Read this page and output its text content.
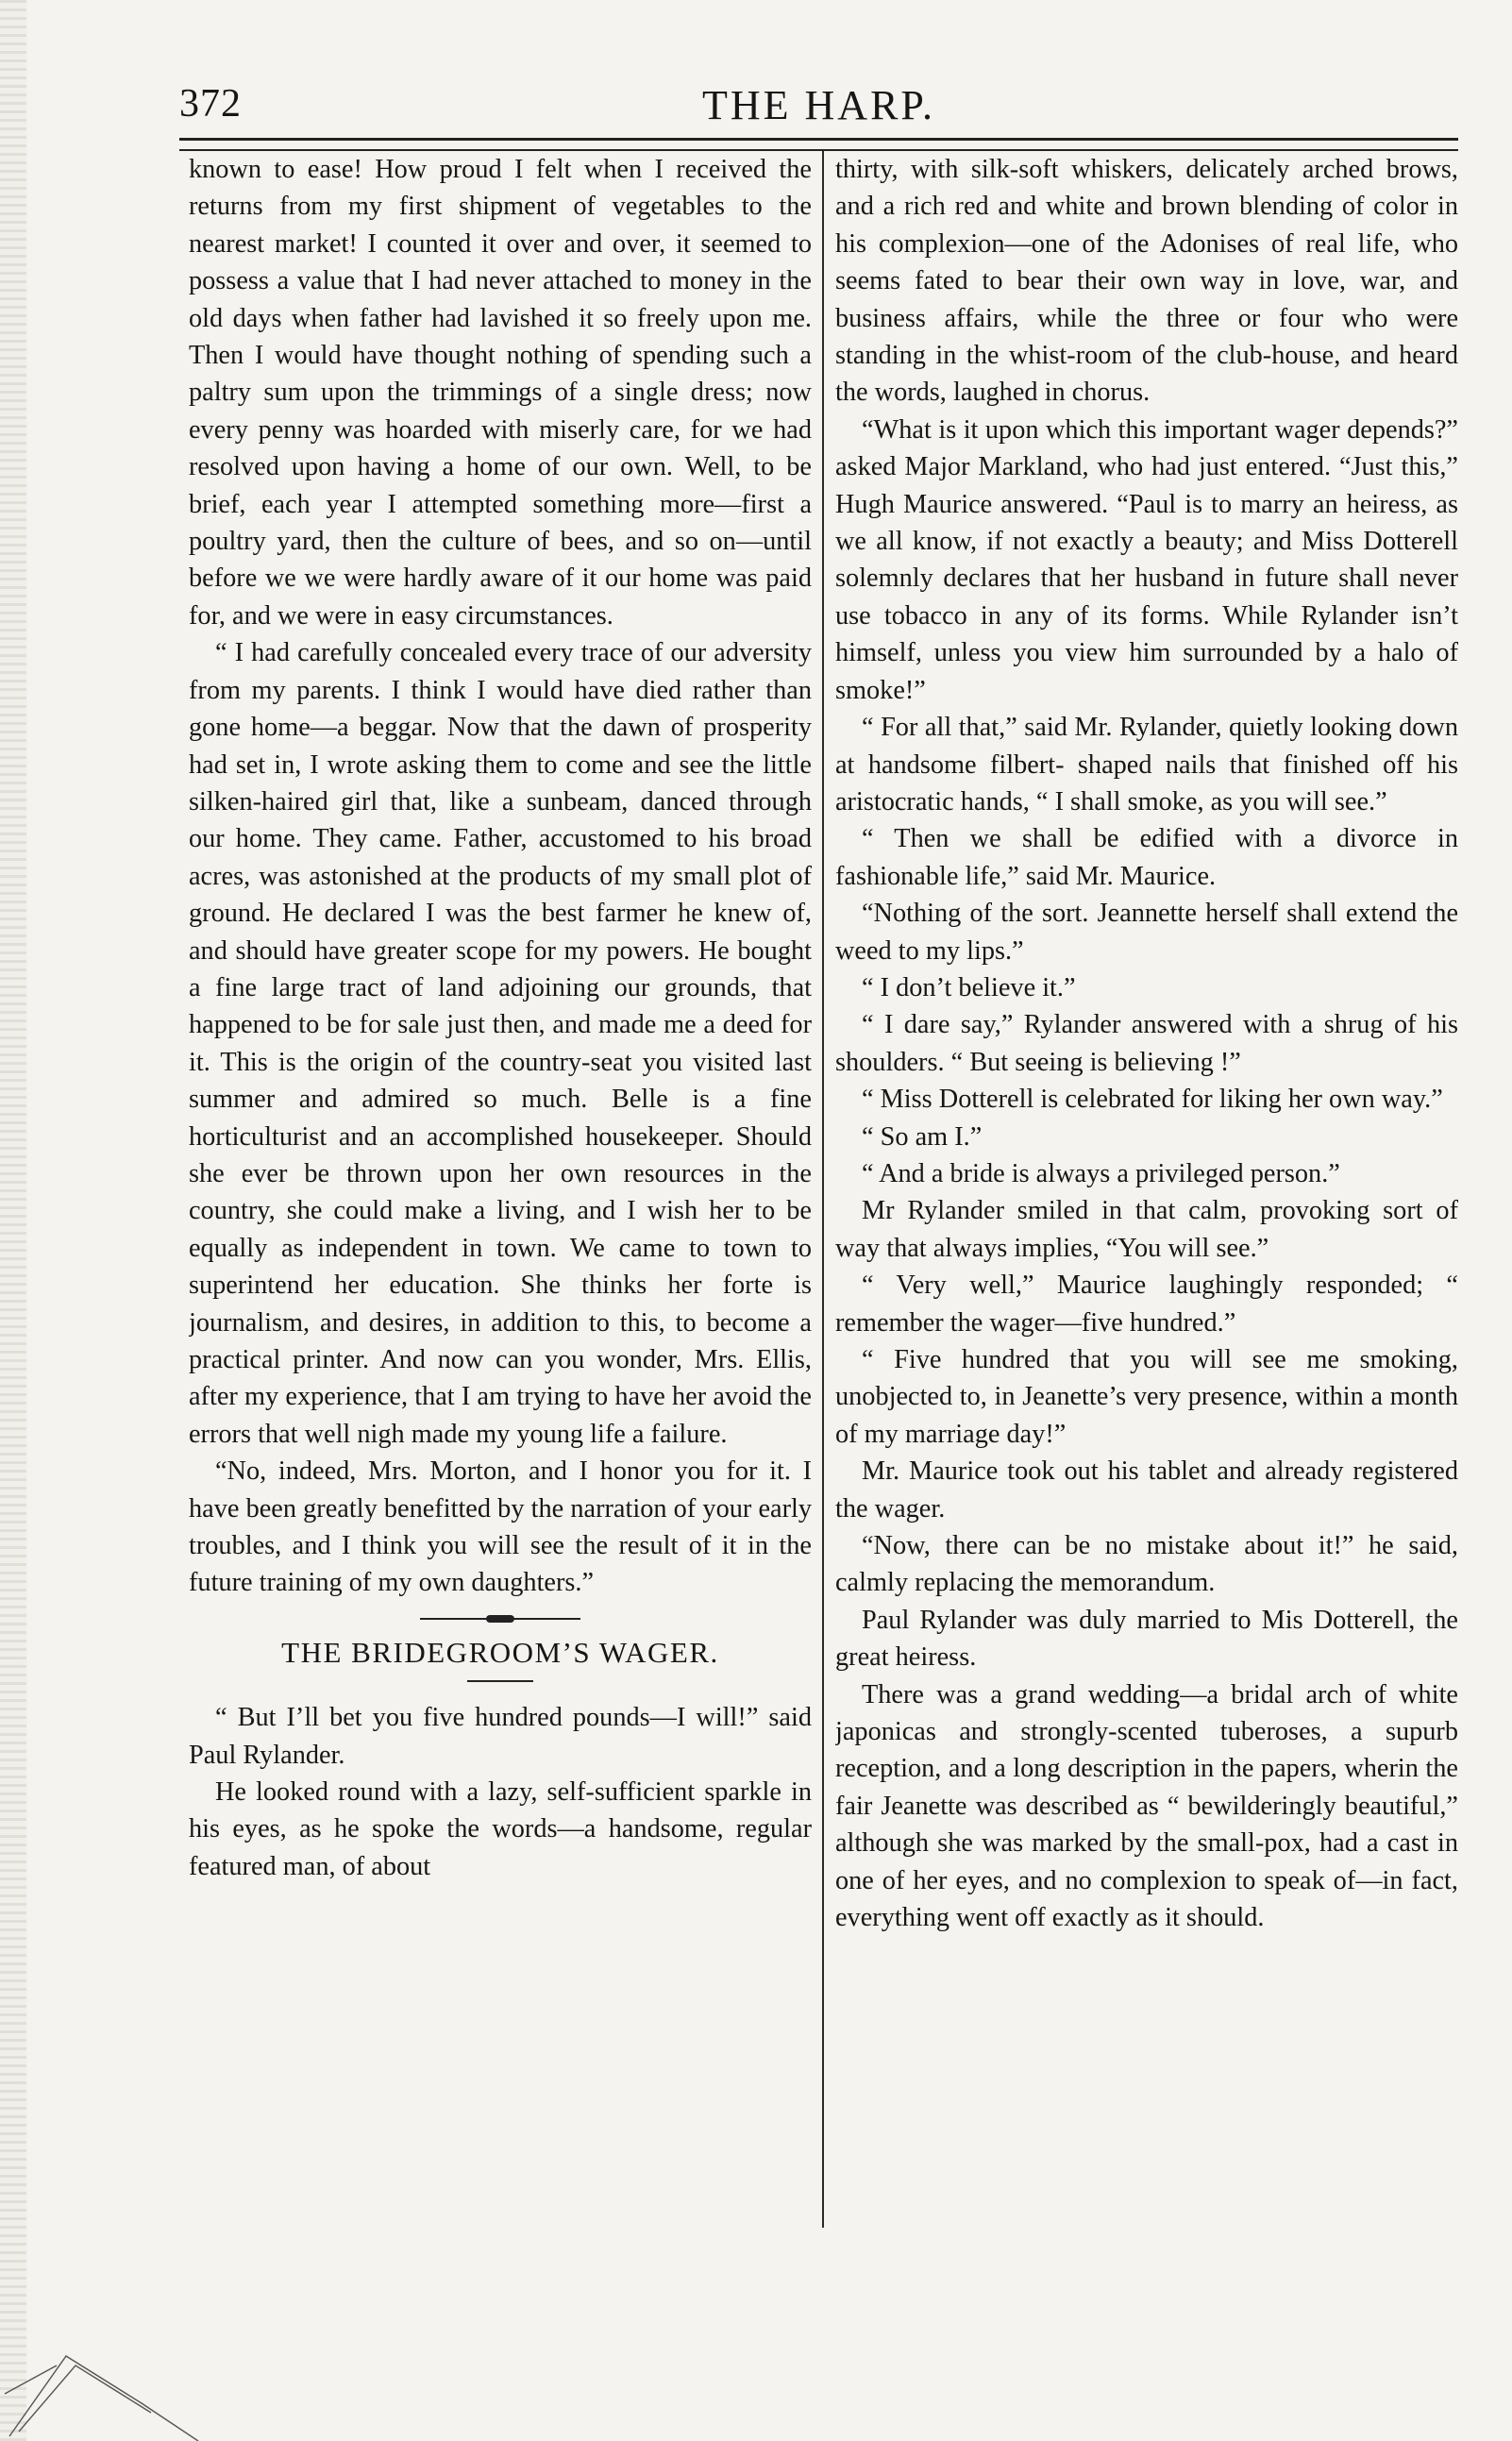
372	THE HARP.

known to ease! How proud I felt when I received the returns from my first shipment of vegetables to the nearest market! I counted it over and over, it seemed to possess a value that I had never attached to money in the old days when father had lavished it so freely upon me. Then I would have thought nothing of spending such a paltry sum upon the trimmings of a single dress; now every penny was hoarded with miserly care, for we had resolved upon having a home of our own. Well, to be brief, each year I attempted something more—first a poultry yard, then the culture of bees, and so on—until before we we were hardly aware of it our home was paid for, and we were in easy circumstances.

“ I had carefully concealed every trace of our adversity from my parents. I think I would have died rather than gone home—a beggar. Now that the dawn of prosperity had set in, I wrote asking them to come and see the little silken-haired girl that, like a sunbeam, danced through our home. They came. Father, accustomed to his broad acres, was astonished at the products of my small plot of ground. He declared I was the best farmer he knew of, and should have greater scope for my powers. He bought a fine large tract of land adjoining our grounds, that happened to be for sale just then, and made me a deed for it. This is the origin of the country-seat you visited last summer and admired so much. Belle is a fine horticulturist and an accomplished housekeeper. Should she ever be thrown upon her own resources in the country, she could make a living, and I wish her to be equally as independent in town. We came to town to superintend her education. She thinks her forte is journalism, and desires, in addition to this, to become a practical printer. And now can you wonder, Mrs. Ellis, after my experience, that I am trying to have her avoid the errors that well nigh made my young life a failure.

“No, indeed, Mrs. Morton, and I honor you for it. I have been greatly benefitted by the narration of your early troubles, and I think you will see the result of it in the future training of my own daughters.”

THE BRIDEGROOM’S WAGER.

“ But I’ll bet you five hundred pounds—I will!” said Paul Rylander.

He looked round with a lazy, self-sufficient sparkle in his eyes, as he spoke the words—a handsome, regular featured man, of about

thirty, with silk-soft whiskers, delicately arched brows, and a rich red and white and brown blending of color in his complexion—one of the Adonises of real life, who seems fated to bear their own way in love, war, and business affairs, while the three or four who were standing in the whist-room of the club-house, and heard the words, laughed in chorus.

“What is it upon which this important wager depends?” asked Major Markland, who had just entered. “Just this,” Hugh Maurice answered. “Paul is to marry an heiress, as we all know, if not exactly a beauty; and Miss Dotterell solemnly declares that her husband in future shall never use tobacco in any of its forms. While Rylander isn’t himself, unless you view him surrounded by a halo of smoke!”

“ For all that,” said Mr. Rylander, quietly looking down at handsome filbert- shaped nails that finished off his aristocratic hands, “ I shall smoke, as you will see.”

“ Then we shall be edified with a divorce in fashionable life,” said Mr. Maurice.

“Nothing of the sort. Jeannette herself shall extend the weed to my lips.”

“ I don’t believe it.”

“ I dare say,” Rylander answered with a shrug of his shoulders. “ But seeing is believing !”

“ Miss Dotterell is celebrated for liking her own way.”

“ So am I.”

“ And a bride is always a privileged person.”

Mr Rylander smiled in that calm, provoking sort of way that always implies, “You will see.”

“ Very well,” Maurice laughingly responded; “ remember the wager—five hundred.”

“ Five hundred that you will see me smoking, unobjected to, in Jeanette’s very presence, within a month of my marriage day!”

Mr. Maurice took out his tablet and already registered the wager.

“Now, there can be no mistake about it!” he said, calmly replacing the memorandum.

Paul Rylander was duly married to Mis Dotterell, the great heiress.

There was a grand wedding—a bridal arch of white japonicas and strongly-scented tuberoses, a supurb reception, and a long description in the papers, wherin the fair Jeanette was described as “ bewilderingly beautiful,” although she was marked by the small-pox, had a cast in one of her eyes, and no complexion to speak of—in fact, everything went off exactly as it should.
